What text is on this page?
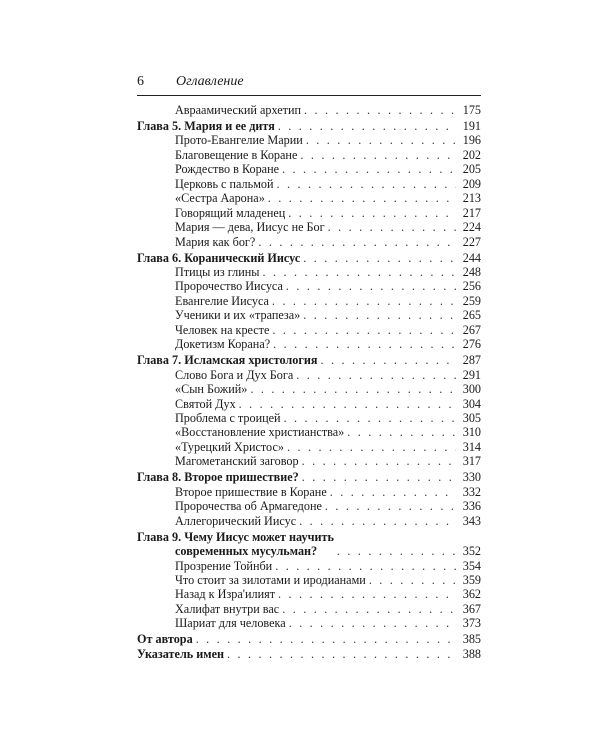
6 Оглавление
Авраамический архетип . . .	175
Глава 5. Мария и ее дитя . . .	191
Прото-Евангелие Марии . . .	196
Благовещение в Коране . . .	202
Рождество в Коране . . .	205
Церковь с пальмой . . .	209
«Сестра Аарона» . . .	213
Говорящий младенец . . .	217
Мария — дева, Иисус не Бог . . .	224
Мария как бог? . . .	227
Глава 6. Коранический Иисус . . .	244
Птицы из глины . . .	248
Пророчество Иисуса . . .	256
Евангелие Иисуса . . .	259
Ученики и их «трапеза» . . .	265
Человек на кресте . . .	267
Докетизм Корана? . . .	276
Глава 7. Исламская христология . . .	287
Слово Бога и Дух Бога . . .	291
«Сын Божий» . . .	300
Святой Дух . . .	304
Проблема с троицей . . .	305
«Восстановление христианства» . . .	310
«Турецкий Христос» . . .	314
Магометанский заговор . . .	317
Глава 8. Второе пришествие? . . .	330
Второе пришествие в Коране . . .	332
Пророчества об Армагедоне . . .	336
Аллегорический Иисус . . .	343
Глава 9. Чему Иисус может научить
современных мусульман? . . .	352
Прозрение Тойнби . . .	354
Что стоит за зилотами и иродианами . . .	359
Назад к Изра'илият . . .	362
Халифат внутри вас . . .	367
Шариат для человека . . .	373
От автора . . .	385
Указатель имен . . .	388
